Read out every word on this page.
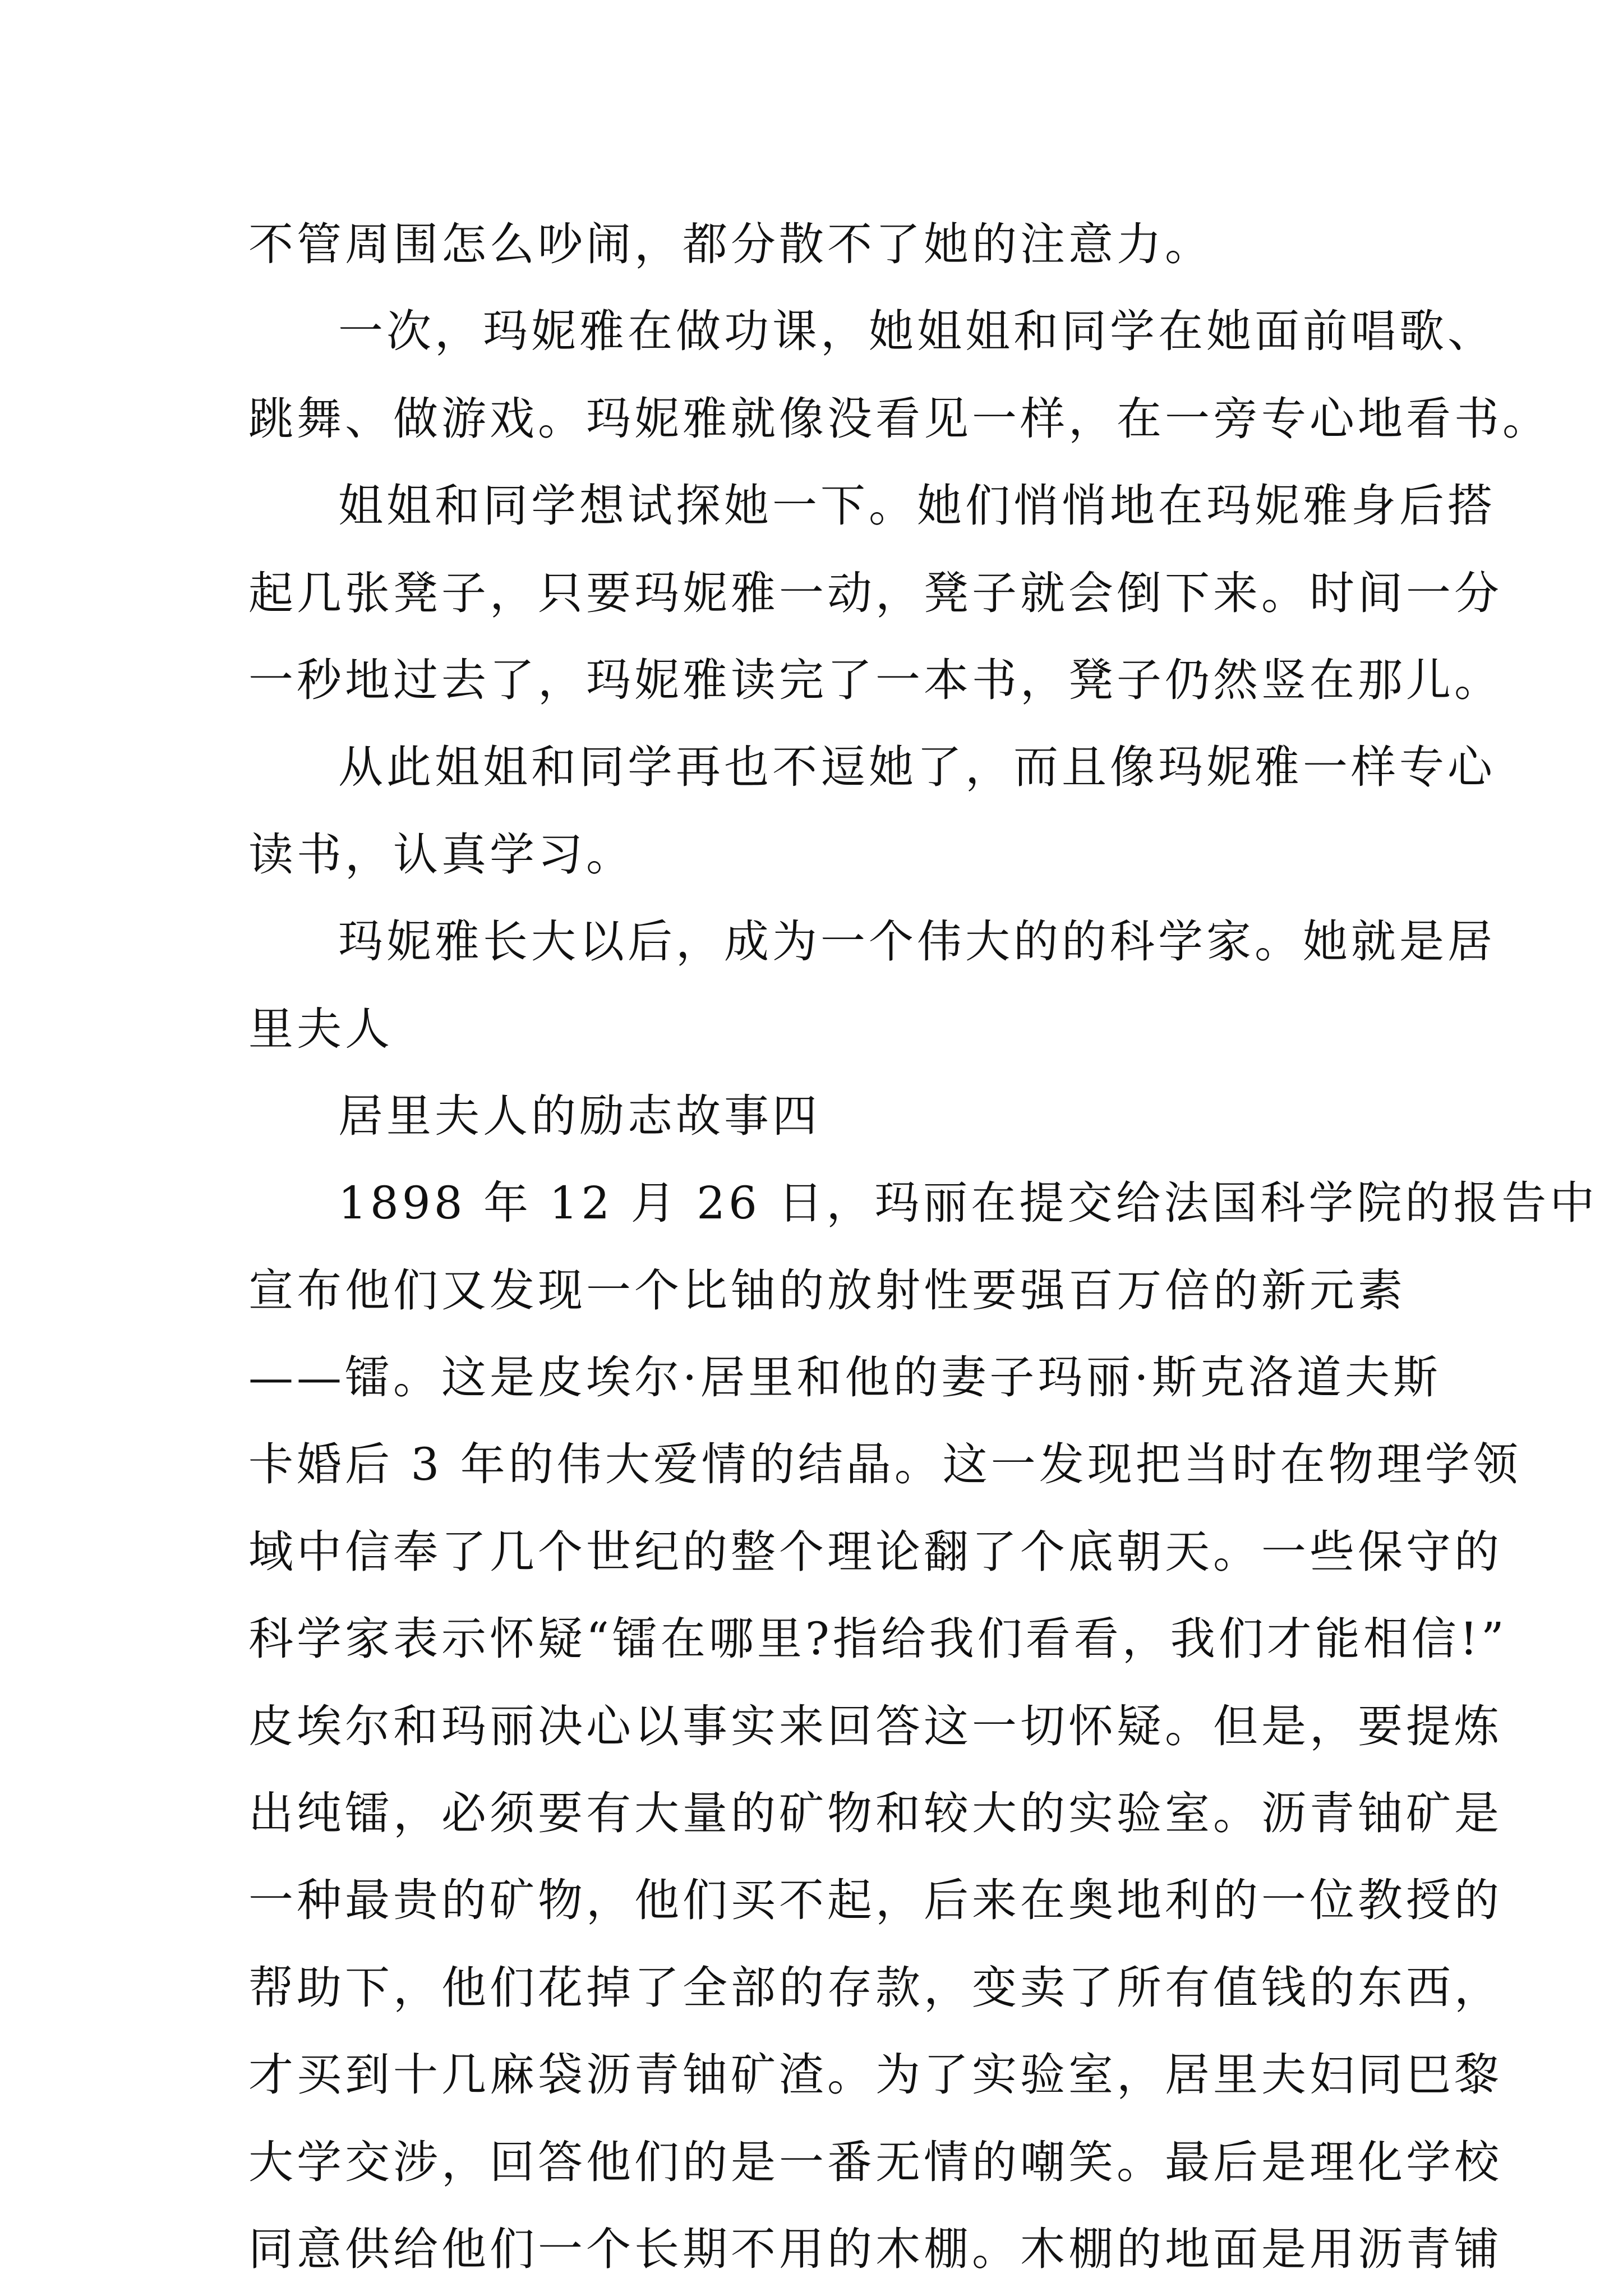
不管周围怎么吵闹，都分散不了她的注意力。
一次，玛妮雅在做功课，她姐姐和同学在她面前唱歌、
跳舞、做游戏。玛妮雅就像没看见一样，在一旁专心地看书。
姐姐和同学想试探她一下。她们悄悄地在玛妮雅身后搭
起几张凳子，只要玛妮雅一动，凳子就会倒下来。时间一分
一秒地过去了，玛妮雅读完了一本书，凳子仍然竖在那儿。
从此姐姐和同学再也不逗她了，而且像玛妮雅一样专心
读书，认真学习。
玛妮雅长大以后，成为一个伟大的的科学家。她就是居
里夫人
居里夫人的励志故事四
1898 年 12 月 26 日，玛丽在提交给法国科学院的报告中
宣布他们又发现一个比铀的放射性要强百万倍的新元素
——镭。这是皮埃尔·居里和他的妻子玛丽·斯克洛道夫斯
卡婚后 3 年的伟大爱情的结晶。这一发现把当时在物理学领
域中信奉了几个世纪的整个理论翻了个底朝天。一些保守的
科学家表示怀疑“镭在哪里?指给我们看看，我们才能相信!”
皮埃尔和玛丽决心以事实来回答这一切怀疑。但是，要提炼
出纯镭，必须要有大量的矿物和较大的实验室。沥青铀矿是
一种最贵的矿物，他们买不起，后来在奥地利的一位教授的
帮助下，他们花掉了全部的存款，变卖了所有值钱的东西，
才买到十几麻袋沥青铀矿渣。为了实验室，居里夫妇同巴黎
大学交涉，回答他们的是一番无情的嘲笑。最后是理化学校
同意供给他们一个长期不用的木棚。木棚的地面是用沥青铺
